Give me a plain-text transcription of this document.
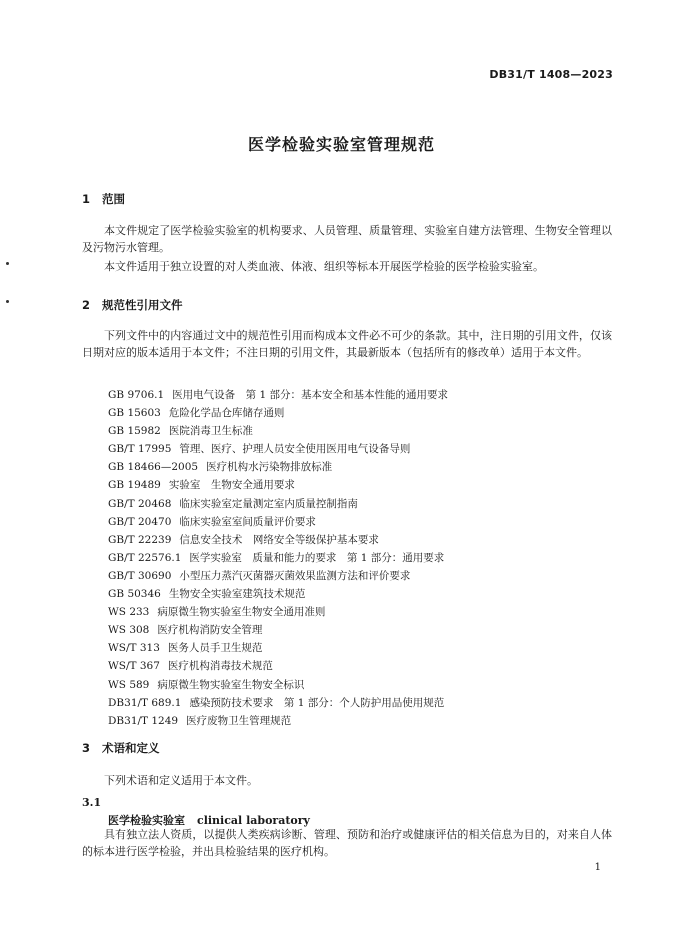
DB31/T 1408—2023
医学检验实验室管理规范
1 范围

本文件规定了医学检验实验室的机构要求、人员管理、质量管理、实验室自建方法管理、生物安全管理以及污物污水管理。

本文件适用于独立设置的对人类血液、体液、组织等标本开展医学检验的医学检验实验室。

2 规范性引用文件

下列文件中的内容通过文中的规范性引用而构成本文件必不可少的条款。其中，注日期的引用文件，仅该日期对应的版本适用于本文件；不注日期的引用文件，其最新版本（包括所有的修改单）适用于本文件。

GB 9706.1 医用电气设备　第 1 部分：基本安全和基本性能的通用要求
GB 15603 危险化学品仓库储存通则
GB 15982 医院消毒卫生标准
GB/T 17995 管理、医疗、护理人员安全使用医用电气设备导则
GB 18466—2005 医疗机构水污染物排放标准
GB 19489 实验室　生物安全通用要求
GB/T 20468 临床实验室定量测定室内质量控制指南
GB/T 20470 临床实验室室间质量评价要求
GB/T 22239 信息安全技术　网络安全等级保护基本要求
GB/T 22576.1 医学实验室　质量和能力的要求　第 1 部分：通用要求
GB/T 30690 小型压力蒸汽灭菌器灭菌效果监测方法和评价要求
GB 50346 生物安全实验室建筑技术规范
WS 233 病原微生物实验室生物安全通用准则
WS 308 医疗机构消防安全管理
WS/T 313 医务人员手卫生规范
WS/T 367 医疗机构消毒技术规范
WS 589 病原微生物实验室生物安全标识
DB31/T 689.1 感染预防技术要求　第 1 部分：个人防护用品使用规范
DB31/T 1249 医疗废物卫生管理规范
3 术语和定义

下列术语和定义适用于本文件。

3.1
医学检验实验室 clinical laboratory

具有独立法人资质，以提供人类疾病诊断、管理、预防和治疗或健康评估的相关信息为目的，对来自人体的标本进行医学检验，并出具检验结果的医疗机构。

1
